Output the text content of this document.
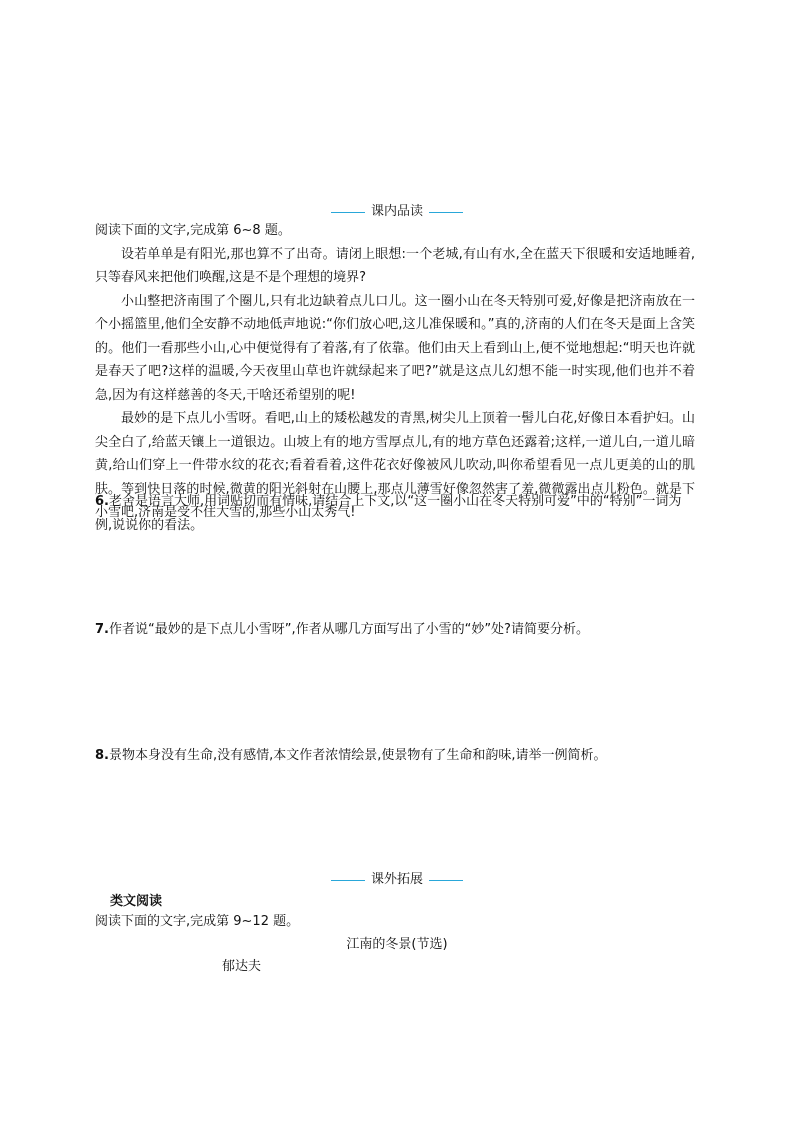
课内品读

阅读下面的文字,完成第 6~8 题。

设若单单是有阳光,那也算不了出奇。请闭上眼想:一个老城,有山有水,全在蓝天下很暖和安适地睡着,只等春风来把他们唤醒,这是不是个理想的境界?

小山整把济南围了个圈儿,只有北边缺着点儿口儿。这一圈小山在冬天特别可爱,好像是把济南放在一个小摇篮里,他们全安静不动地低声地说:“你们放心吧,这儿准保暖和。”真的,济南的人们在冬天是面上含笑的。他们一看那些小山,心中便觉得有了着落,有了依靠。他们由天上看到山上,便不觉地想起:“明天也许就是春天了吧?这样的温暖,今天夜里山草也许就绿起来了吧?”就是这点儿幻想不能一时实现,他们也并不着急,因为有这样慈善的冬天,干啥还希望别的呢!

最妙的是下点儿小雪呀。看吧,山上的矮松越发的青黑,树尖儿上顶着一髻儿白花,好像日本看护妇。山尖全白了,给蓝天镶上一道银边。山坡上有的地方雪厚点儿,有的地方草色还露着;这样,一道儿白,一道儿暗黄,给山们穿上一件带水纹的花衣;看着看着,这件花衣好像被风儿吹动,叫你希望看见一点儿更美的山的肌肤。等到快日落的时候,微黄的阳光斜射在山腰上,那点儿薄雪好像忽然害了羞,微微露出点儿粉色。就是下小雪吧,济南是受不住大雪的,那些小山太秀气!

6.老舍是语言大师,用词贴切而有情味,请结合上下文,以“这一圈小山在冬天特别可爱”中的“特别”一词为例,说说你的看法。

7.作者说“最妙的是下点儿小雪呀”,作者从哪几方面写出了小雪的“妙”处?请简要分析。

8.景物本身没有生命,没有感情,本文作者浓情绘景,使景物有了生命和韵味,请举一例简析。

课外拓展
类文阅读
阅读下面的文字,完成第 9~12 题。
江南的冬景(节选)
郁达夫
